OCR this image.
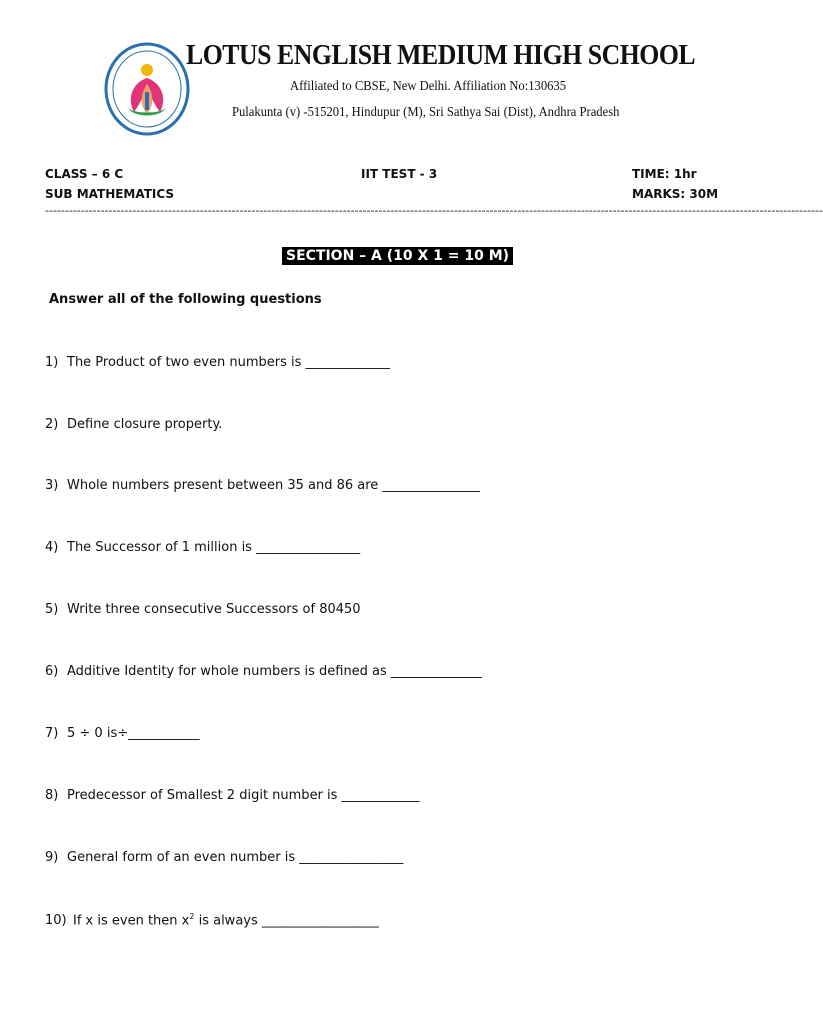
LOTUS ENGLISH MEDIUM HIGH SCHOOL
Affiliated to CBSE, New Delhi. Affiliation No:130635
Pulakunta (v) -515201, Hindupur (M), Sri Sathya Sai (Dist), Andhra Pradesh
CLASS – 6 C
SUB MATHEMATICS
IIT TEST - 3	TIME: 1hr
MARKS: 30M
----------------------------------------------------------------------------------------------------------------------------------------------------------------------------------------------------
SECTION – A (10 X 1 = 10 M)
Answer all of the following questions
1) The Product of two even numbers is _____________
2) Define closure property.
3) Whole numbers present between 35 and 86 are _______________
4) The Successor of 1 million is ________________
5) Write three consecutive Successors of 80450
6) Additive Identity for whole numbers is defined as ______________
7) 5 ÷ 0 is÷___________
8) Predecessor of Smallest 2 digit number is ____________
9) General form of an even number is ________________
10) If x is even then $x^2$ is always __________________
